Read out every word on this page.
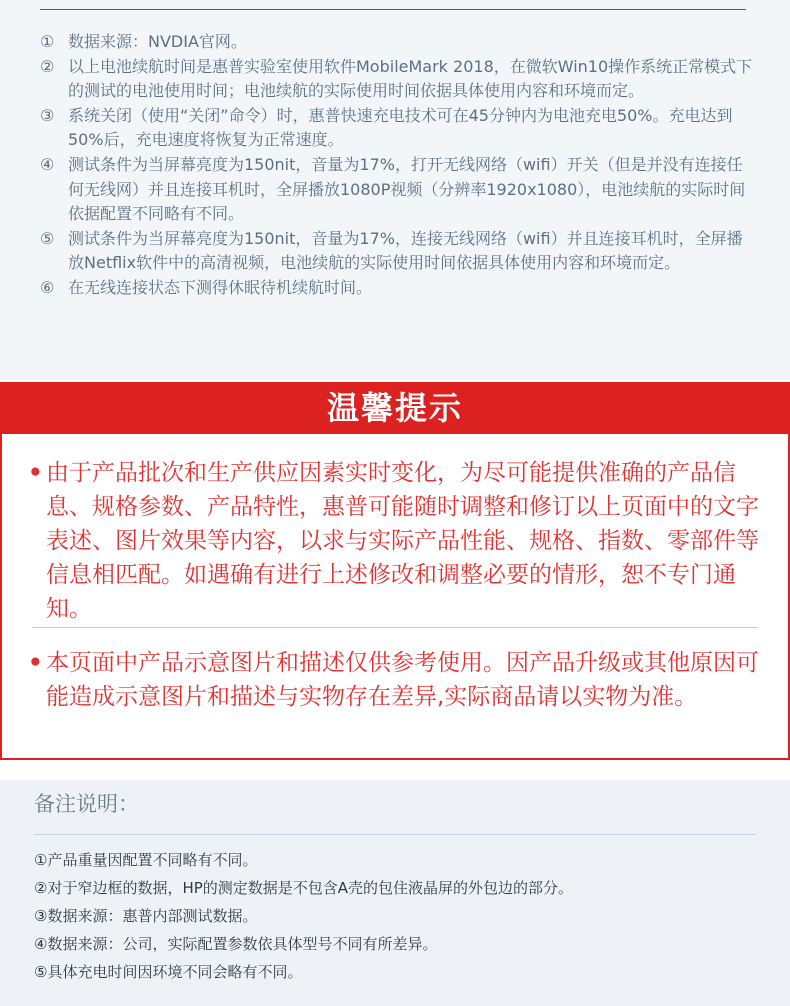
① 数据来源：NVDIA官网。
② 以上电池续航时间是惠普实验室使用软件MobileMark 2018，在微软Win10操作系统正常模式下的测试的电池使用时间；电池续航的实际使用时间依据具体使用内容和环境而定。
③ 系统关闭（使用“关闭”命令）时，惠普快速充电技术可在45分钟内为电池充电50%。充电达到50%后，充电速度将恢复为正常速度。
④ 测试条件为当屏幕亮度为150nit，音量为17%，打开无线网络（wifi）开关（但是并没有连接任何无线网）并且连接耳机时，全屏播放1080P视频（分辨率1920x1080），电池续航的实际时间依据配置不同略有不同。
⑤ 测试条件为当屏幕亮度为150nit，音量为17%，连接无线网络（wifi）并且连接耳机时，全屏播放Netflix软件中的高清视频，电池续航的实际使用时间依据具体使用内容和环境而定。
⑥ 在无线连接状态下测得休眠待机续航时间。
温馨提示
• 由于产品批次和生产供应因素实时变化，为尽可能提供准确的产品信息、规格参数、产品特性，惠普可能随时调整和修订以上页面中的文字表述、图片效果等内容，以求与实际产品性能、规格、指数、零部件等信息相匹配。如遇确有进行上述修改和调整必要的情形，恕不专门通知。
• 本页面中产品示意图片和描述仅供参考使用。因产品升级或其他原因可能造成示意图片和描述与实物存在差异,实际商品请以实物为准。
备注说明：
①产品重量因配置不同略有不同。
②对于窄边框的数据，HP的测定数据是不包含A壳的包住液晶屏的外包边的部分。
③数据来源：惠普内部测试数据。
④数据来源：公司，实际配置参数依具体型号不同有所差异。
⑤具体充电时间因环境不同会略有不同。
